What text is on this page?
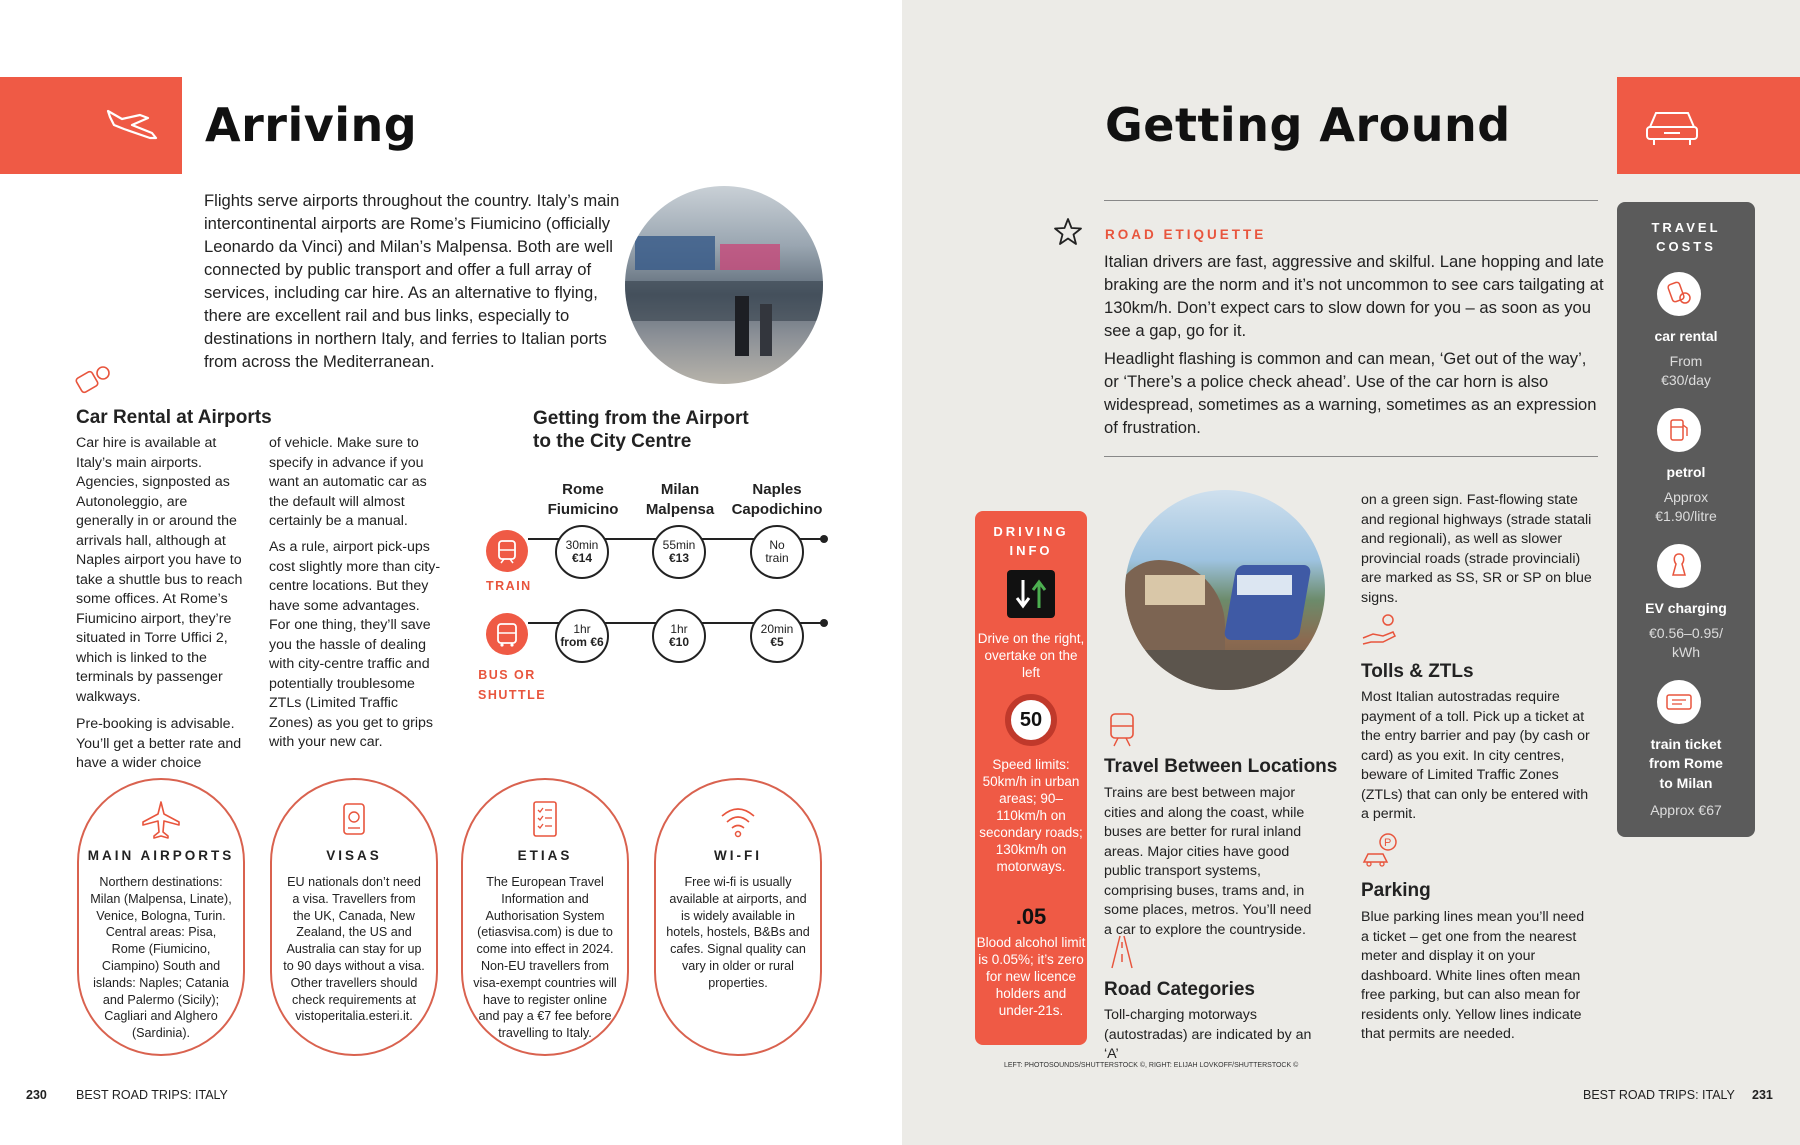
Arriving
Flights serve airports throughout the country. Italy’s main intercontinental airports are Rome’s Fiumicino (officially Leonardo da Vinci) and Milan’s Malpensa. Both are well connected by public transport and offer a full array of services, including car hire. As an alternative to flying, there are excellent rail and bus links, especially to destinations in northern Italy, and ferries to Italian ports from across the Mediterranean.
Car Rental at Airports
Car hire is available at Italy’s main airports. Agencies, signposted as Autonoleggio, are generally in or around the arrivals hall, although at Naples airport you have to take a shuttle bus to reach some offices. At Rome’s Fiumicino airport, they’re situated in Torre Uffici 2, which is linked to the terminals by passenger walkways.
Pre-booking is advisable. You’ll get a better rate and have a wider choice
of vehicle. Make sure to specify in advance if you want an automatic car as the default will almost certainly be a manual.
As a rule, airport pick-ups cost slightly more than city-centre locations. But they have some advantages. For one thing, they’ll save you the hassle of dealing with city-centre traffic and potentially troublesome ZTLs (Limited Traffic Zones) as you get to grips with your new car.
Getting from the Airport
to the City Centre
Rome
Fiumicino
Milan
Malpensa
Naples
Capodichino
TRAIN
30min
€14
55min
€13
No
train
BUS OR
SHUTTLE
1hr
from €6
1hr
€10
20min
€5
MAIN AIRPORTS
Northern destinations: Milan (Malpensa, Linate), Venice, Bologna, Turin. Central areas: Pisa, Rome (Fiumicino, Ciampino) South and islands: Naples; Catania and Palermo (Sicily); Cagliari and Alghero (Sardinia).
VISAS
EU nationals don’t need a visa. Travellers from the UK, Canada, New Zealand, the US and Australia can stay for up to 90 days without a visa. Other travellers should check requirements at vistoperitalia.esteri.it.
ETIAS
The European Travel Information and Authorisation System (etiasvisa.com) is due to come into effect in 2024. Non-EU travellers from visa-exempt countries will have to register online and pay a €7 fee before travelling to Italy.
WI-FI
Free wi-fi is usually available at airports, and is widely available in hotels, hostels, B&Bs and cafes. Signal quality can vary in older or rural properties.
230 BEST ROAD TRIPS: ITALY
Getting Around
ROAD ETIQUETTE
Italian drivers are fast, aggressive and skilful. Lane hopping and late braking are the norm and it’s not uncommon to see cars tailgating at 130km/h. Don’t expect cars to slow down for you – as soon as you see a gap, go for it.
Headlight flashing is common and can mean, ‘Get out of the way’, or ‘There’s a police check ahead’. Use of the car horn is also widespread, sometimes as a warning, sometimes as an expression of frustration.
TRAVEL
COSTS
car rental
From
€30/day
petrol
Approx
€1.90/litre
EV charging
€0.56–0.95/
kWh
train ticket
from Rome
to Milan
Approx €67
DRIVING
INFO
Drive on the right, overtake on the left
50
Speed limits: 50km/h in urban areas; 90–110km/h on secondary roads; 130km/h on motorways.
.05
Blood alcohol limit is 0.05%; it’s zero for new licence holders and under-21s.
Travel Between Locations
Trains are best between major cities and along the coast, while buses are better for rural inland areas. Major cities have good public transport systems, comprising buses, trams and, in some places, metros. You’ll need a car to explore the countryside.
Road Categories
Toll-charging motorways (autostradas) are indicated by an ‘A’
on a green sign. Fast-flowing state and regional highways (strade statali and regionali), as well as slower provincial roads (strade provinciali) are marked as SS, SR or SP on blue signs.
Tolls & ZTLs
Most Italian autostradas require payment of a toll. Pick up a ticket at the entry barrier and pay (by cash or card) as you exit. In city centres, beware of Limited Traffic Zones (ZTLs) that can only be entered with a permit.
P
Parking
Blue parking lines mean you’ll need a ticket – get one from the nearest meter and display it on your dashboard. White lines often mean free parking, but can also mean for residents only. Yellow lines indicate that permits are needed.
LEFT: PHOTOSOUNDS/SHUTTERSTOCK ©, RIGHT: ELIJAH LOVKOFF/SHUTTERSTOCK ©
BEST ROAD TRIPS: ITALY 231
